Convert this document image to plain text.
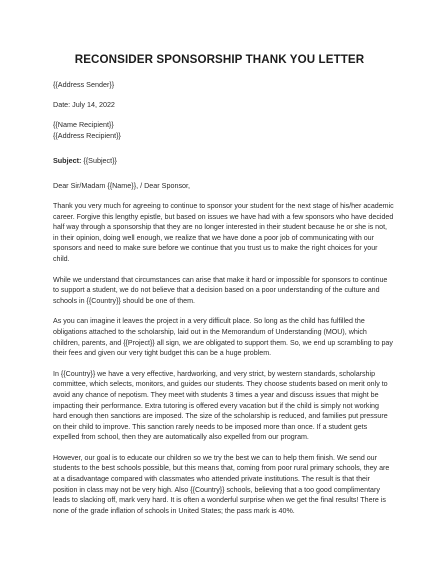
RECONSIDER SPONSORSHIP THANK YOU LETTER

{{Address Sender}}

Date: July 14, 2022

{{Name Recipient}}

{{Address Recipient}}

Subject: {{Subject}}

Dear Sir/Madam {{Name}}, / Dear Sponsor,

Thank you very much for agreeing to continue to sponsor your student for the next stage of his/her academic career. Forgive this lengthy epistle, but based on issues we have had with a few sponsors who have decided half way through a sponsorship that they are no longer interested in their student because he or she is not, in their opinion, doing well enough, we realize that we have done a poor job of communicating with our sponsors and need to make sure before we continue that you trust us to make the right choices for your child.

While we understand that circumstances can arise that make it hard or impossible for sponsors to continue to support a student, we do not believe that a decision based on a poor understanding of the culture and schools in {{Country}} should be one of them.

As you can imagine it leaves the project in a very difficult place. So long as the child has fulfilled the obligations attached to the scholarship, laid out in the Memorandum of Understanding (MOU), which children, parents, and {{Project}} all sign, we are obligated to support them. So, we end up scrambling to pay their fees and given our very tight budget this can be a huge problem.

In {{Country}} we have a very effective, hardworking, and very strict, by western standards, scholarship committee, which selects, monitors, and guides our students. They choose students based on merit only to avoid any chance of nepotism. They meet with students 3 times a year and discuss issues that might be impacting their performance. Extra tutoring is offered every vacation but if the child is simply not working hard enough then sanctions are imposed. The size of the scholarship is reduced, and families put pressure on their child to improve. This sanction rarely needs to be imposed more than once. If a student gets expelled from school, then they are automatically also expelled from our program.

However, our goal is to educate our children so we try the best we can to help them finish. We send our students to the best schools possible, but this means that, coming from poor rural primary schools, they are at a disadvantage compared with classmates who attended private institutions. The result is that their position in class may not be very high. Also {{Country}} schools, believing that a too good complimentary leads to slacking off, mark very hard. It is often a wonderful surprise when we get the final results! There is none of the grade inflation of schools in United States; the pass mark is 40%.
